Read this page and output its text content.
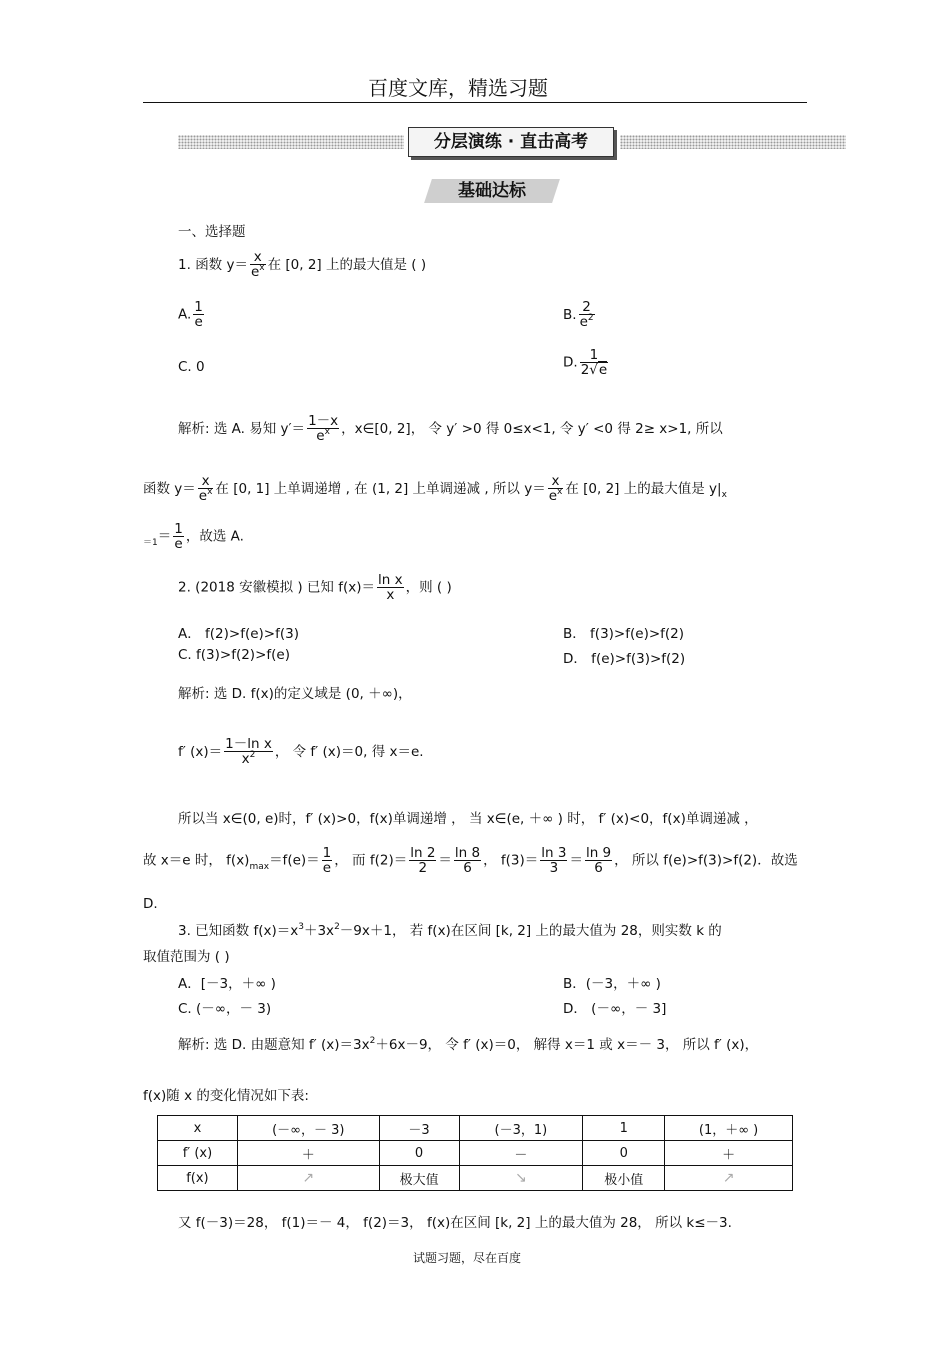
百度文库，精选习题
分层演练 · 直击高考
基础达标
一、选择题
1. 函数 $y= \frac{x}{e^x}$ 在 [0, 2] 上的最大值是 ( )
A. $\frac{1}{e}$	B. $\frac{2}{e^2}$
C. 0	D. $\frac{1}{2√e}$
解析: 选 A. 易知 $y'= \frac{1-x}{e^x}$ ，x∈[0, 2]， 令 y′ >0 得 0≤x<1, 令 y′ <0 得 2≥ x>1, 所以
函数 $y= \frac{x}{e^x}$ 在 [0, 1] 上单调递增 , 在 (1, 2] 上单调递减 , 所以 $y= \frac{x}{e^x}$ 在 [0, 2] 上的最大值是 $y|_x$
$_{=1}= \frac{1}{e}$ ，故选 A.
2. (2018 安徽模拟 ) 已知 $f(x)= \frac{\text{ln x}}{x}$ ，则 ( )
A． f(2)>f(e)>f(3)	B． f(3)>f(e)>f(2)
C. f(3)>f(2)>f(e)	D． f(e)>f(3)>f(2)
解析: 选 D. f(x)的定义域是 (0, ＋∞)，
f′ $(x)= \frac{\text{1－ln x}}{x^2}$ ， 令 f′ (x)＝0, 得 x＝e.
所以当 x∈(0, e)时，f′ (x)>0，f(x)单调递增 ， 当 x∈(e, ＋∞ ) 时， f′ (x)<0，f(x)单调递减 ，
故 x＝e 时， $f(x)_{max}=f(e)= \frac{1}{e}$ ， 而 $f(2)= \frac{\ln 2}{2} = \frac{\ln 8}{6}$ ， $f(3)= \frac{\ln 3}{3} = \frac{\ln 9}{6}$ ， 所以 f(e)>f(3)>f(2)．故选
D.
3. 已知函数 $f(x)=x^3+3x^2-9x+1$， 若 f(x)在区间 [k, 2] 上的最大值为 28，则实数 k 的
取值范围为 ( )
A．[－3，＋∞ )	B．(－3，＋∞ )
C. (－∞，－ 3)	D． (－∞，－ 3]
解析: 选 D. 由题意知 f′ $(x)=3x^2+6x-9$， 令 f′ (x)＝0， 解得 x＝1 或 x＝－ 3， 所以 f′ (x)，
f(x)随 x 的变化情况如下表:
x	(－∞，－ 3)	－3	(－3，1)	1	(1，＋∞ )
f′ (x)	＋	0	－	0	＋
f(x)	↗	极大值	↘	极小值	↗
又 f(－3)＝28， f(1)＝－ 4， f(2)＝3， f(x)在区间 [k, 2] 上的最大值为 28， 所以 k≤－3.
试题习题，尽在百度
